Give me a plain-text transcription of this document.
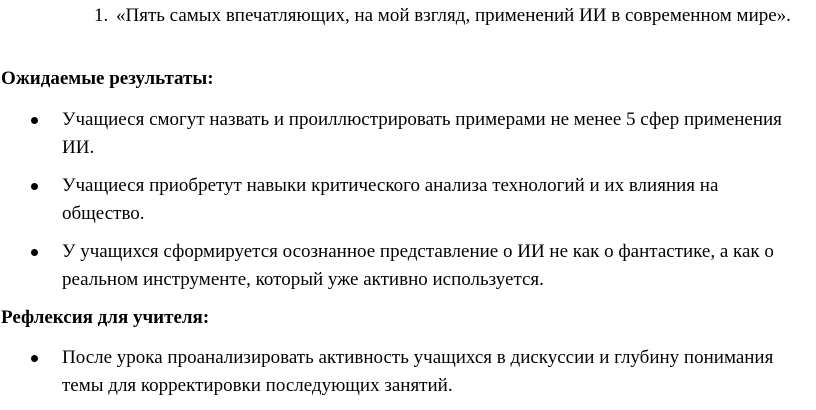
1. «Пять самых впечатляющих, на мой взгляд, применений ИИ в современном мире».
Ожидаемые результаты:
Учащиеся смогут назвать и проиллюстрировать примерами не менее 5 сфер применения ИИ.
Учащиеся приобретут навыки критического анализа технологий и их влияния на общество.
У учащихся сформируется осознанное представление о ИИ не как о фантастике, а как о реальном инструменте, который уже активно используется.
Рефлексия для учителя:
После урока проанализировать активность учащихся в дискуссии и глубину понимания темы для корректировки последующих занятий.
